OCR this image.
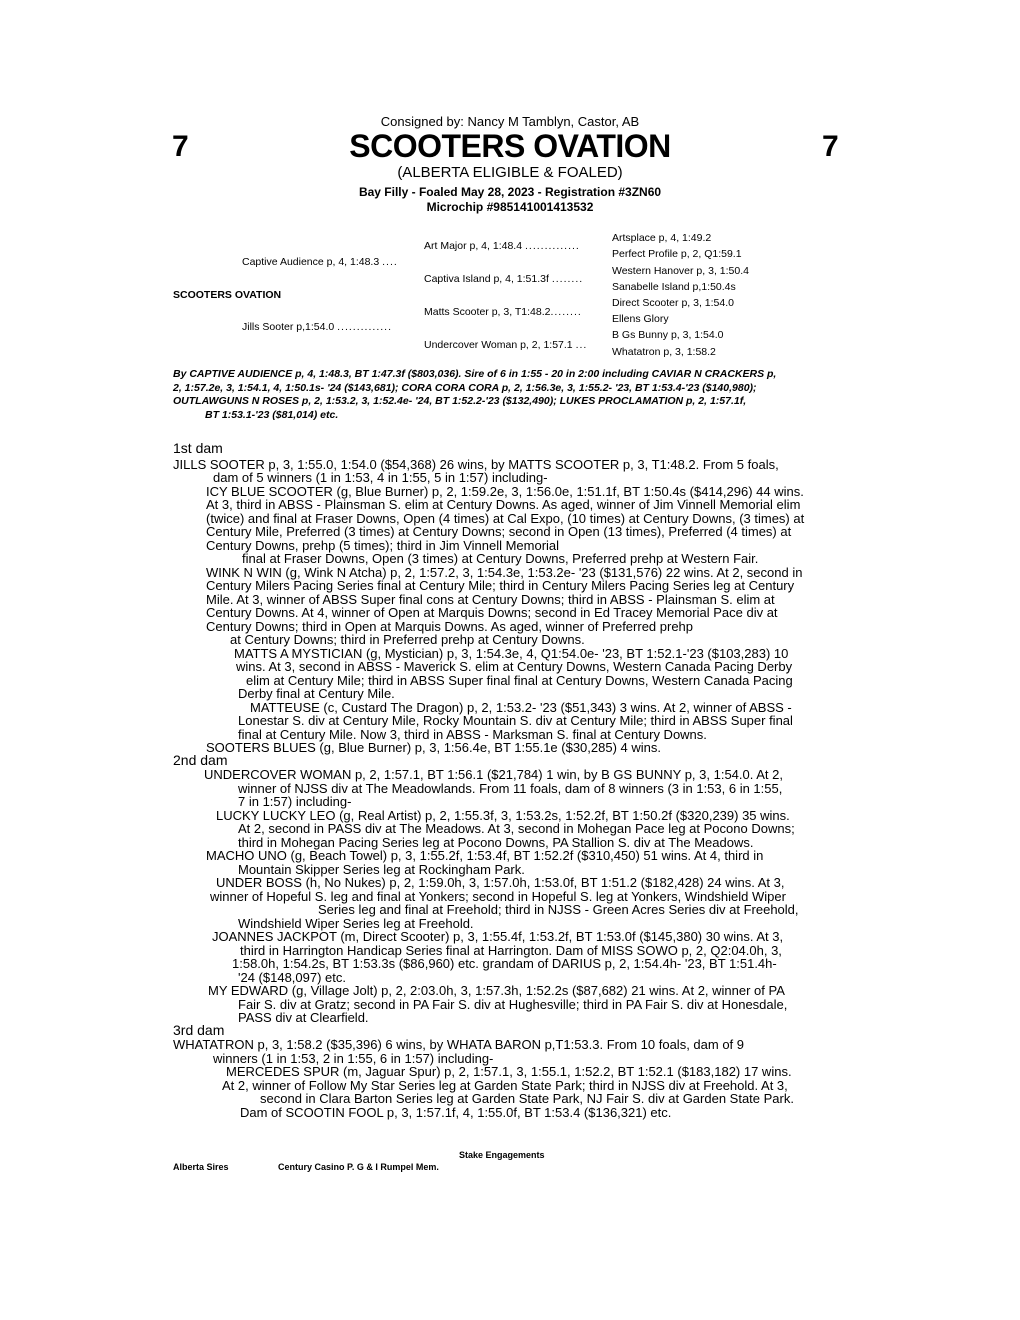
Consigned by: Nancy M Tamblyn, Castor, AB
7	7
SCOOTERS OVATION
(ALBERTA ELIGIBLE & FOALED)
Bay Filly - Foaled May 28, 2023 - Registration #3ZN60
Microchip #985141001413532
SCOOTERS OVATION
Captive Audience p, 4, 1:48.3 ....
Jills Sooter p,1:54.0 ..............
Art Major p, 4, 1:48.4 ..............
Captiva Island p, 4, 1:51.3f ........
Matts Scooter p, 3, T1:48.2........
Undercover Woman p, 2, 1:57.1 ...
Artsplace p, 4, 1:49.2
Perfect Profile p, 2, Q1:59.1
Western Hanover p, 3, 1:50.4
Sanabelle Island p,1:50.4s
Direct Scooter p, 3, 1:54.0
Ellens Glory
B Gs Bunny p, 3, 1:54.0
Whatatron p, 3, 1:58.2

By CAPTIVE AUDIENCE p, 4, 1:48.3, BT 1:47.3f ($803,036). Sire of 6 in 1:55 - 20 in 2:00 including CAVIAR N CRACKERS p,

2, 1:57.2e, 3, 1:54.1, 4, 1:50.1s- '24 ($143,681); CORA CORA CORA p, 2, 1:56.3e, 3, 1:55.2- '23, BT 1:53.4-'23 ($140,980);

OUTLAWGUNS N ROSES p, 2, 1:53.2, 3, 1:52.4e- '24, BT 1:52.2-'23 ($132,490); LUKES PROCLAMATION p, 2, 1:57.1f,

BT 1:53.1-'23 ($81,014) etc.

1st dam
JILLS SOOTER p, 3, 1:55.0, 1:54.0 ($54,368) 26 wins, by MATTS SCOOTER p, 3, T1:48.2. From 5 foals,
dam of 5 winners (1 in 1:53, 4 in 1:55, 5 in 1:57) including-
ICY BLUE SCOOTER (g, Blue Burner) p, 2, 1:59.2e, 3, 1:56.0e, 1:51.1f, BT 1:50.4s ($414,296) 44 wins.
At 3, third in ABSS - Plainsman S. elim at Century Downs. As aged, winner of Jim Vinnell Memorial elim
(twice) and final at Fraser Downs, Open (4 times) at Cal Expo, (10 times) at Century Downs, (3 times) at
Century Mile, Preferred (3 times) at Century Downs; second in Open (13 times), Preferred (4 times) at
Century Downs, prehp (5 times); third in Jim Vinnell Memorial
final at Fraser Downs, Open (3 times) at Century Downs, Preferred prehp at Western Fair.
WINK N WIN (g, Wink N Atcha) p, 2, 1:57.2, 3, 1:54.3e, 1:53.2e- '23 ($131,576) 22 wins. At 2, second in
Century Milers Pacing Series final at Century Mile; third in Century Milers Pacing Series leg at Century
Mile. At 3, winner of ABSS Super final cons at Century Downs; third in ABSS - Plainsman S. elim at
Century Downs. At 4, winner of Open at Marquis Downs; second in Ed Tracey Memorial Pace div at
Century Downs; third in Open at Marquis Downs. As aged, winner of Preferred prehp
at Century Downs; third in Preferred prehp at Century Downs.
MATTS A MYSTICIAN (g, Mystician) p, 3, 1:54.3e, 4, Q1:54.0e- '23, BT 1:52.1-'23 ($103,283) 10
wins. At 3, second in ABSS - Maverick S. elim at Century Downs, Western Canada Pacing Derby
elim at Century Mile; third in ABSS Super final final at Century Downs, Western Canada Pacing
Derby final at Century Mile.
MATTEUSE (c, Custard The Dragon) p, 2, 1:53.2- '23 ($51,343) 3 wins. At 2, winner of ABSS -
Lonestar S. div at Century Mile, Rocky Mountain S. div at Century Mile; third in ABSS Super final
final at Century Mile. Now 3, third in ABSS - Marksman S. final at Century Downs.
SOOTERS BLUES (g, Blue Burner) p, 3, 1:56.4e, BT 1:55.1e ($30,285) 4 wins.
2nd dam
UNDERCOVER WOMAN p, 2, 1:57.1, BT 1:56.1 ($21,784) 1 win, by B GS BUNNY p, 3, 1:54.0. At 2,
winner of NJSS div at The Meadowlands. From 11 foals, dam of 8 winners (3 in 1:53, 6 in 1:55,
7 in 1:57) including-
LUCKY LUCKY LEO (g, Real Artist) p, 2, 1:55.3f, 3, 1:53.2s, 1:52.2f, BT 1:50.2f ($320,239) 35 wins.
At 2, second in PASS div at The Meadows. At 3, second in Mohegan Pace leg at Pocono Downs;
third in Mohegan Pacing Series leg at Pocono Downs, PA Stallion S. div at The Meadows.
MACHO UNO (g, Beach Towel) p, 3, 1:55.2f, 1:53.4f, BT 1:52.2f ($310,450) 51 wins. At 4, third in
Mountain Skipper Series leg at Rockingham Park.
UNDER BOSS (h, No Nukes) p, 2, 1:59.0h, 3, 1:57.0h, 1:53.0f, BT 1:51.2 ($182,428) 24 wins. At 3,
winner of Hopeful S. leg and final at Yonkers; second in Hopeful S. leg at Yonkers, Windshield Wiper
Series leg and final at Freehold; third in NJSS - Green Acres Series div at Freehold,
Windshield Wiper Series leg at Freehold.
JOANNES JACKPOT (m, Direct Scooter) p, 3, 1:55.4f, 1:53.2f, BT 1:53.0f ($145,380) 30 wins. At 3,
third in Harrington Handicap Series final at Harrington. Dam of MISS SOWO p, 2, Q2:04.0h, 3,
1:58.0h, 1:54.2s, BT 1:53.3s ($86,960) etc. grandam of DARIUS p, 2, 1:54.4h- '23, BT 1:51.4h-
'24 ($148,097) etc.
MY EDWARD (g, Village Jolt) p, 2, 2:03.0h, 3, 1:57.3h, 1:52.2s ($87,682) 21 wins. At 2, winner of PA
Fair S. div at Gratz; second in PA Fair S. div at Hughesville; third in PA Fair S. div at Honesdale,
PASS div at Clearfield.
3rd dam
WHATATRON p, 3, 1:58.2 ($35,396) 6 wins, by WHATA BARON p,T1:53.3. From 10 foals, dam of 9
winners (1 in 1:53, 2 in 1:55, 6 in 1:57) including-
MERCEDES SPUR (m, Jaguar Spur) p, 2, 1:57.1, 3, 1:55.1, 1:52.2, BT 1:52.1 ($183,182) 17 wins.
At 2, winner of Follow My Star Series leg at Garden State Park; third in NJSS div at Freehold. At 3,
second in Clara Barton Series leg at Garden State Park, NJ Fair S. div at Garden State Park.
Dam of SCOOTIN FOOL p, 3, 1:57.1f, 4, 1:55.0f, BT 1:53.4 ($136,321) etc.
Stake Engagements
Alberta Sires	Century Casino P. G & I Rumpel Mem.
